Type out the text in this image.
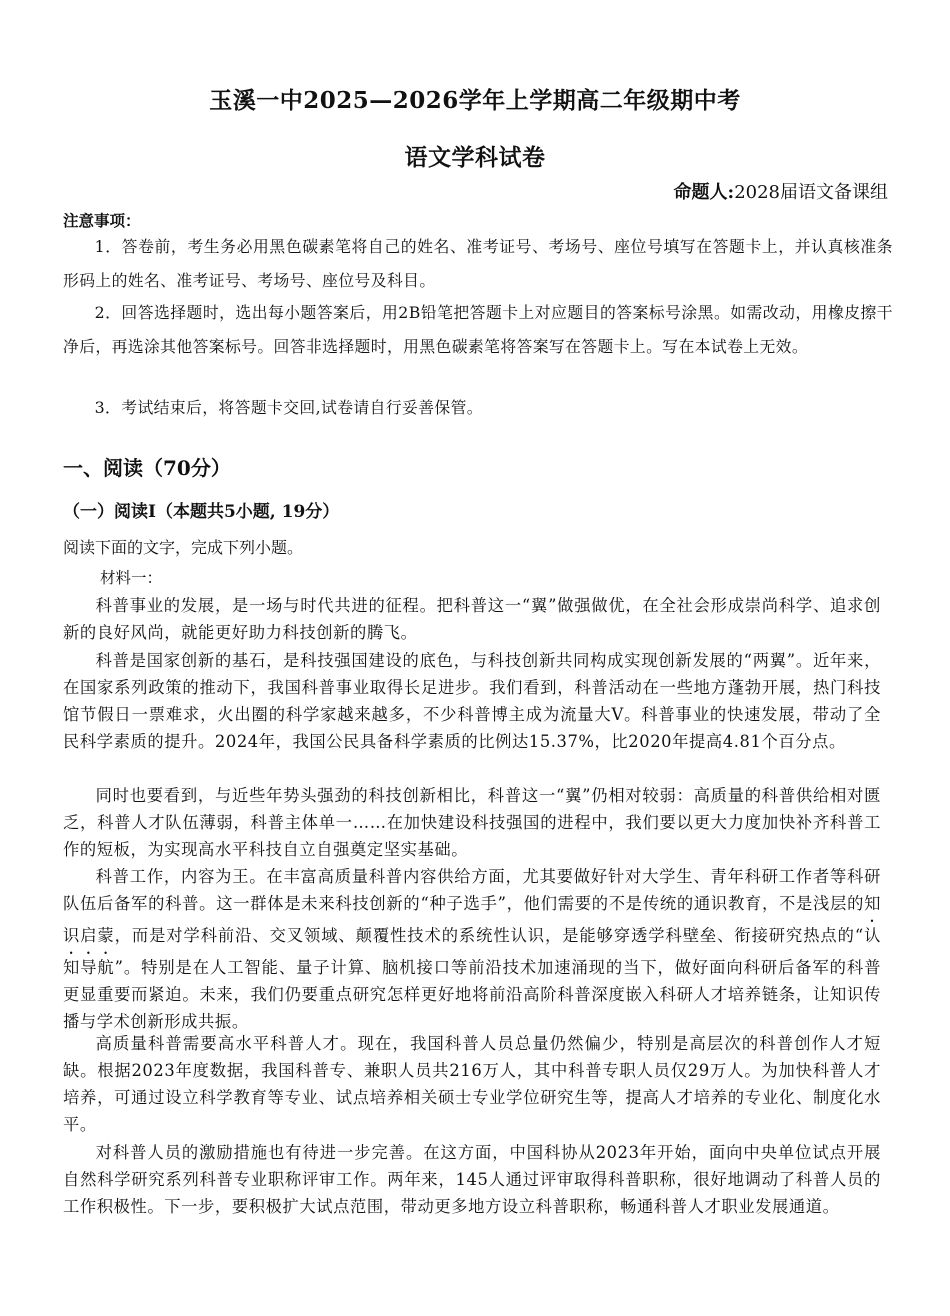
玉溪一中2025—2026学年上学期高二年级期中考
语文学科试卷
命题人:2028届语文备课组
注意事项：
1．答卷前，考生务必用黑色碳素笔将自己的姓名、准考证号、考场号、座位号填写在答题卡上，并认真核准条形码上的姓名、准考证号、考场号、座位号及科目。
2．回答选择题时，选出每小题答案后，用2B铅笔把答题卡上对应题目的答案标号涂黑。如需改动，用橡皮擦干净后，再选涂其他答案标号。回答非选择题时，用黑色碳素笔将答案写在答题卡上。写在本试卷上无效。
3．考试结束后，将答题卡交回,试卷请自行妥善保管。
一、阅读（70分）
（一）阅读Ⅰ（本题共5小题, 19分）
阅读下面的文字，完成下列小题。
材料一：
科普事业的发展，是一场与时代共进的征程。把科普这一“翼”做强做优，在全社会形成崇尚科学、追求创新的良好风尚，就能更好助力科技创新的腾飞。
科普是国家创新的基石，是科技强国建设的底色，与科技创新共同构成实现创新发展的“两翼”。近年来，在国家系列政策的推动下，我国科普事业取得长足进步。我们看到，科普活动在一些地方蓬勃开展，热门科技馆节假日一票难求，火出圈的科学家越来越多，不少科普博主成为流量大V。科普事业的快速发展，带动了全民科学素质的提升。2024年，我国公民具备科学素质的比例达15.37%，比2020年提高4.81个百分点。
同时也要看到，与近些年势头强劲的科技创新相比，科普这一“翼”仍相对较弱：高质量的科普供给相对匮乏，科普人才队伍薄弱，科普主体单一……在加快建设科技强国的进程中，我们要以更大力度加快补齐科普工作的短板，为实现高水平科技自立自强奠定坚实基础。
科普工作，内容为王。在丰富高质量科普内容供给方面，尤其要做好针对大学生、青年科研工作者等科研队伍后备军的科普。这一群体是未来科技创新的“种子选手”，他们需要的不是传统的通识教育，不是浅层的知识启蒙，而是对学科前沿、交叉领域、颠覆性技术的系统性认识，是能够穿透学科壁垒、衔接研究热点的“认知导航”。特别是在人工智能、量子计算、脑机接口等前沿技术加速涌现的当下，做好面向科研后备军的科普更显重要而紧迫。未来，我们仍要重点研究怎样更好地将前沿高阶科普深度嵌入科研人才培养链条，让知识传播与学术创新形成共振。
高质量科普需要高水平科普人才。现在，我国科普人员总量仍然偏少，特别是高层次的科普创作人才短缺。根据2023年度数据，我国科普专、兼职人员共216万人，其中科普专职人员仅29万人。为加快科普人才培养，可通过设立科学教育等专业、试点培养相关硕士专业学位研究生等，提高人才培养的专业化、制度化水平。
对科普人员的激励措施也有待进一步完善。在这方面，中国科协从2023年开始，面向中央单位试点开展自然科学研究系列科普专业职称评审工作。两年来，145人通过评审取得科普职称，很好地调动了科普人员的工作积极性。下一步，要积极扩大试点范围，带动更多地方设立科普职称，畅通科普人才职业发展通道。
